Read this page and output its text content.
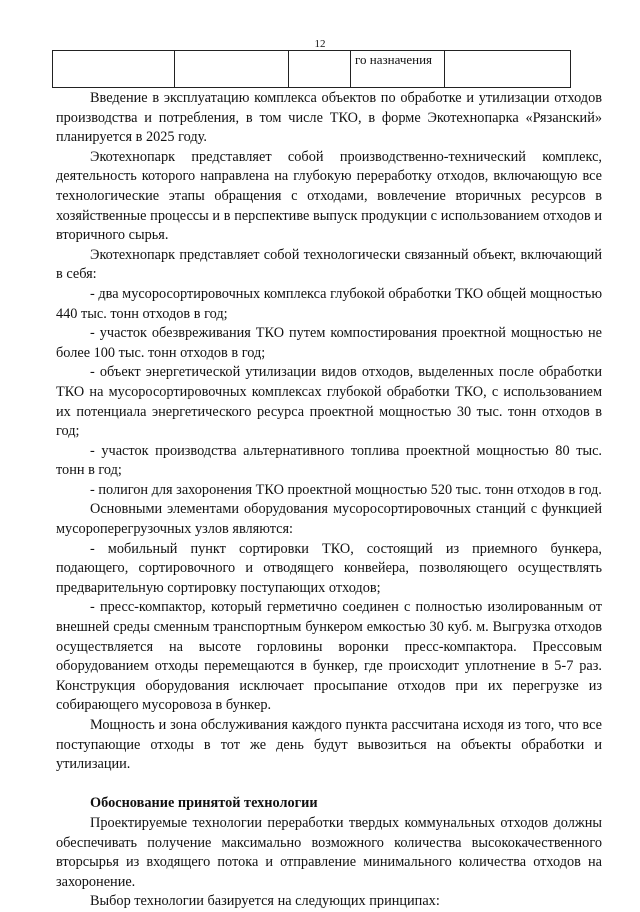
12
			го назначения	

Введение в эксплуатацию комплекса объектов по обработке и утилизации отходов производства и потребления, в том числе ТКО, в форме Экотехнопарка «Рязанский» планируется в 2025 году.

Экотехнопарк представляет собой производственно-технический комплекс, деятельность которого направлена на глубокую переработку отходов, включающую все технологические этапы обращения с отходами, вовлечение вторичных ресурсов в хозяйственные процессы и в перспективе выпуск продукции с использованием отходов и вторичного сырья.

Экотехнопарк представляет собой технологически связанный объект, включающий в себя:

- два мусоросортировочных комплекса глубокой обработки ТКО общей мощностью 440 тыс. тонн отходов в год;

- участок обезвреживания ТКО путем компостирования проектной мощностью не более 100 тыс. тонн отходов в год;

- объект энергетической утилизации видов отходов, выделенных после обработки ТКО на мусоросортировочных комплексах глубокой обработки ТКО, с использованием их потенциала энергетического ресурса проектной мощностью 30 тыс. тонн отходов в год;

- участок производства альтернативного топлива проектной мощностью 80 тыс. тонн в год;

- полигон для захоронения ТКО проектной мощностью 520 тыс. тонн отходов в год.

Основными элементами оборудования мусоросортировочных станций с функцией мусороперегрузочных узлов являются:

- мобильный пункт сортировки ТКО, состоящий из приемного бункера, подающего, сортировочного и отводящего конвейера, позволяющего осуществлять предварительную сортировку поступающих отходов;

- пресс-компактор, который герметично соединен с полностью изолированным от внешней среды сменным транспортным бункером емкостью 30 куб. м. Выгрузка отходов осуществляется на высоте горловины воронки пресс-компактора. Прессовым оборудованием отходы перемещаются в бункер, где происходит уплотнение в 5-7 раз. Конструкция оборудования исключает просыпание отходов при их перегрузке из собирающего мусоровоза в бункер.

Мощность и зона обслуживания каждого пункта рассчитана исходя из того, что все поступающие отходы в тот же день будут вывозиться на объекты обработки и утилизации.

Обоснование принятой технологии

Проектируемые технологии переработки твердых коммунальных отходов должны обеспечивать получение максимально возможного количества высококачественного вторсырья из входящего потока и отправление минимального количества отходов на захоронение.

Выбор технологии базируется на следующих принципах:
